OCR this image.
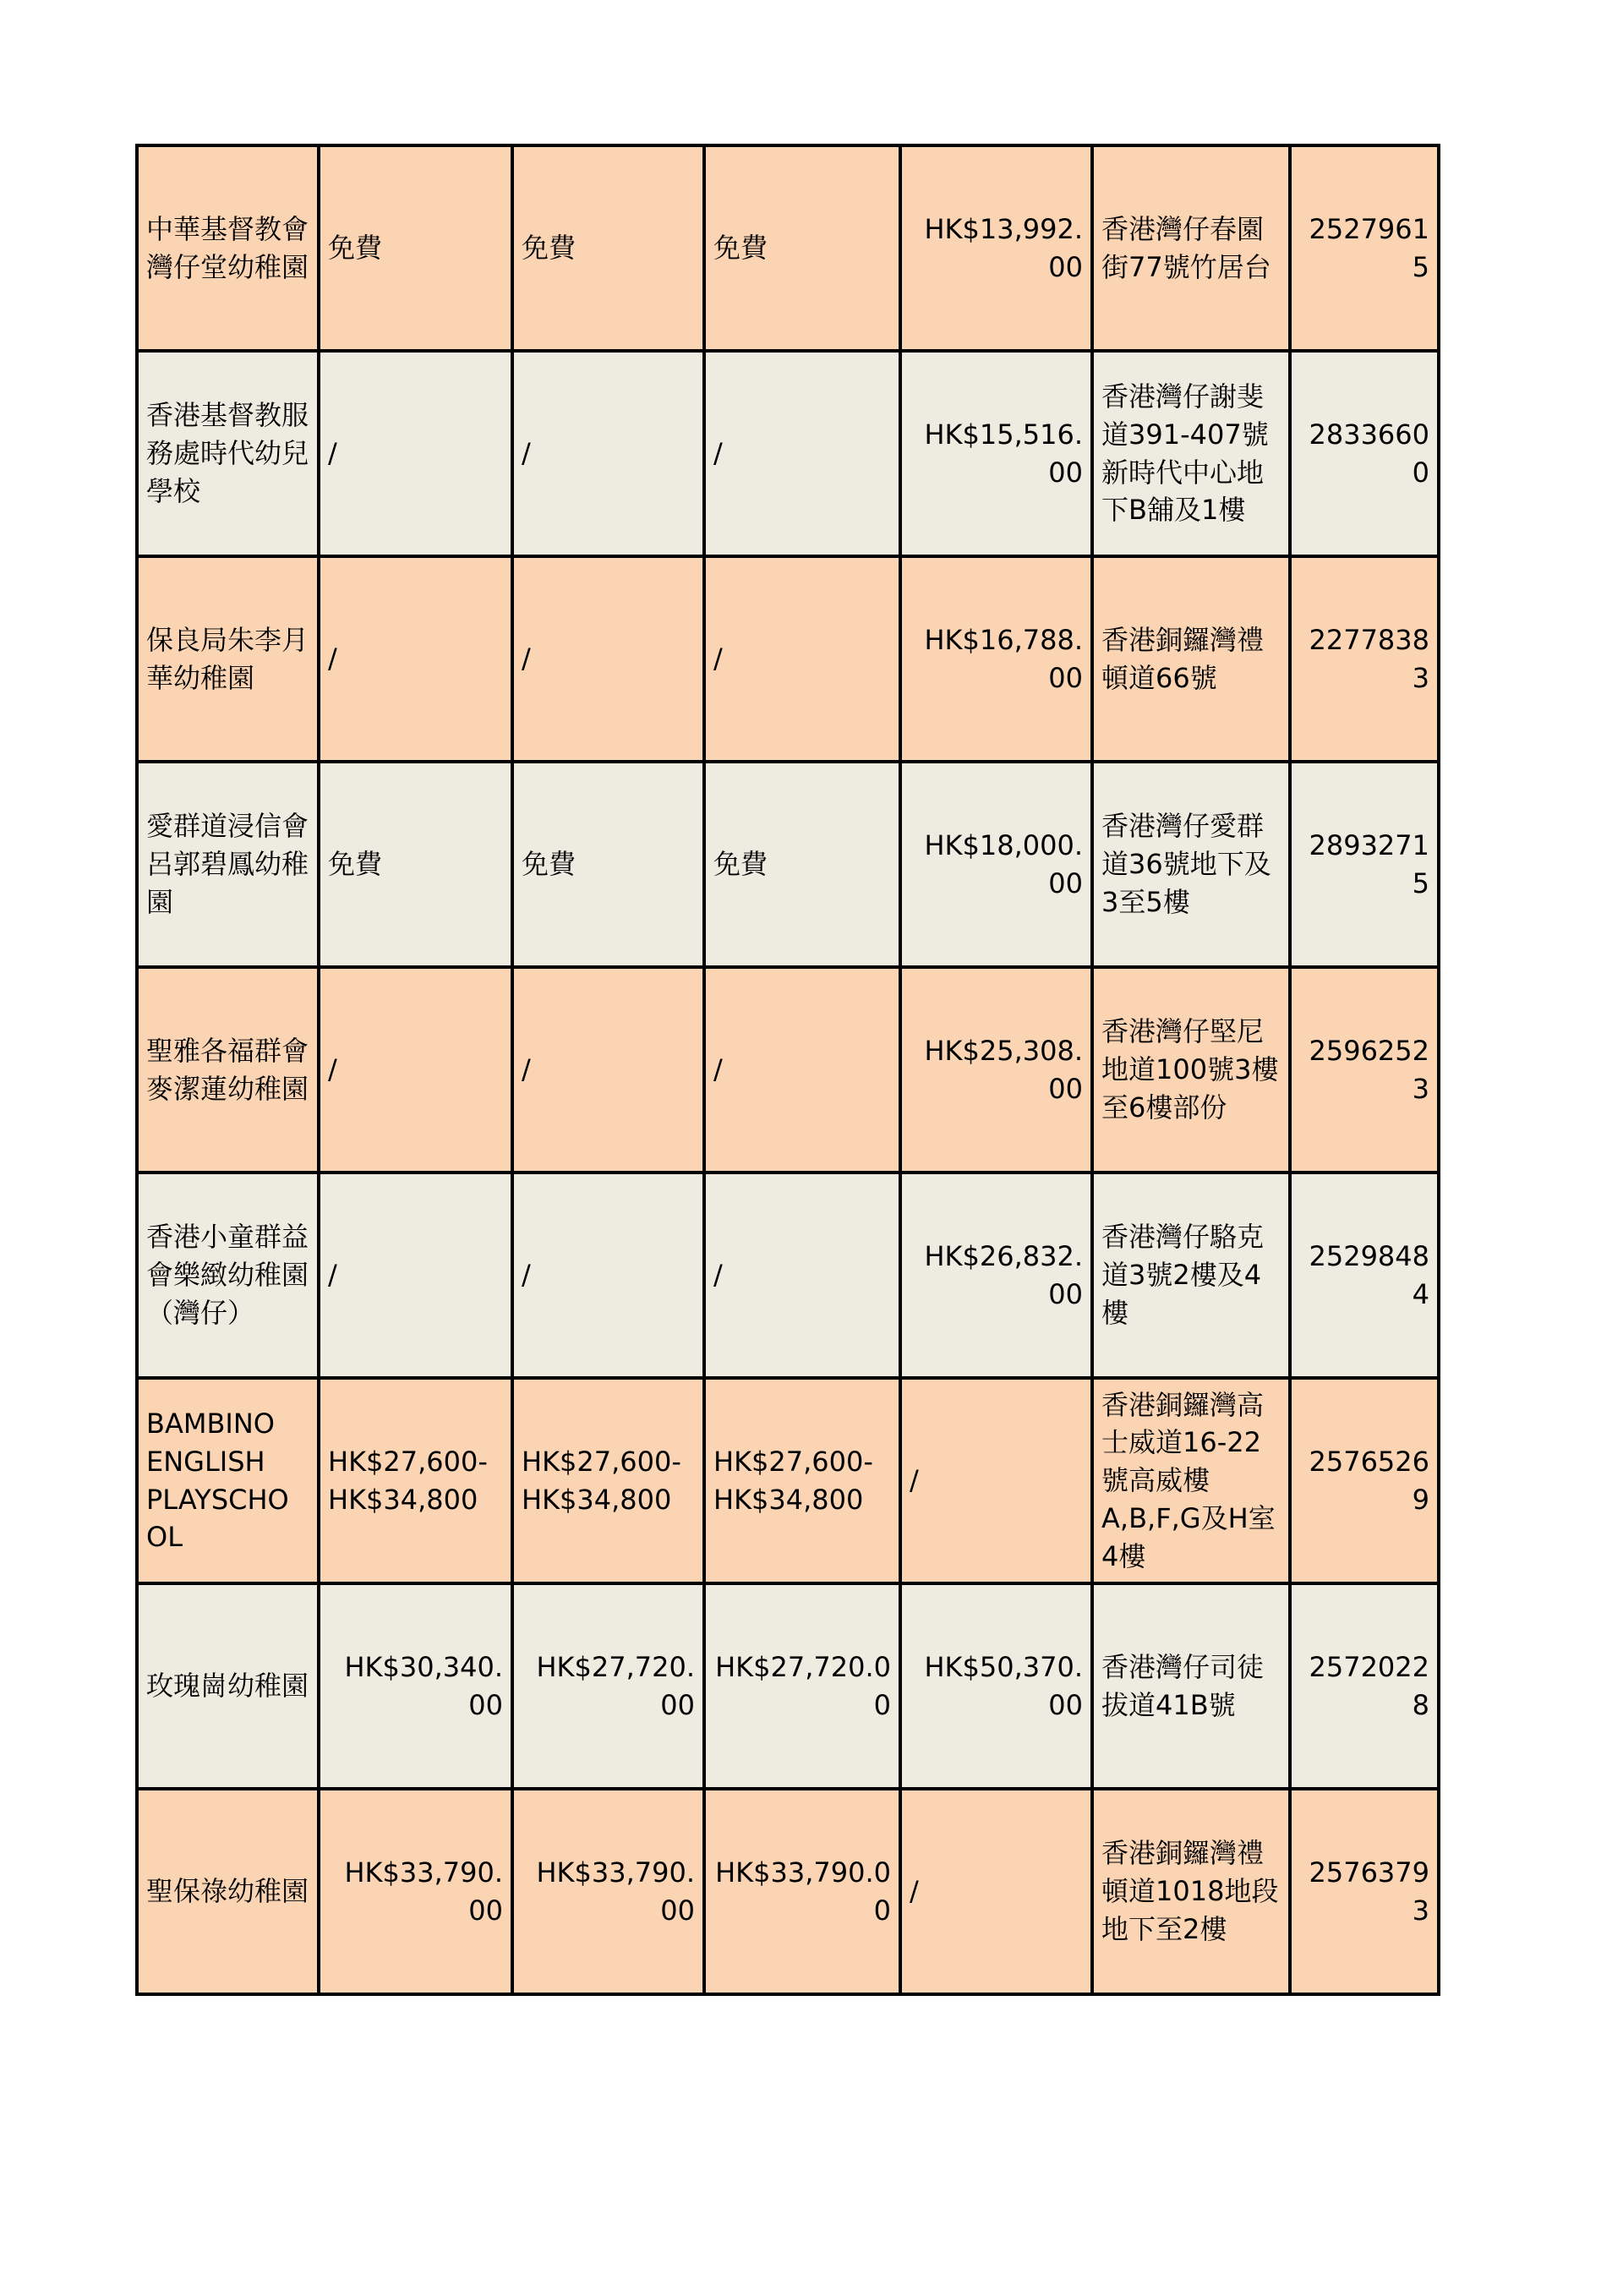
中華基督教會灣仔堂幼稚園	免費	免費	免費	HK$13,992.00	香港灣仔春園街77號竹居台	25279615
香港基督教服務處時代幼兒學校	/	/	/	HK$15,516.00	香港灣仔謝斐道391-407號新時代中心地下B舖及1樓	28336600
保良局朱李月華幼稚園	/	/	/	HK$16,788.00	香港銅鑼灣禮頓道66號	22778383
愛群道浸信會呂郭碧鳳幼稚園	免費	免費	免費	HK$18,000.00	香港灣仔愛群道36號地下及3至5樓	28932715
聖雅各福群會麥潔蓮幼稚園	/	/	/	HK$25,308.00	香港灣仔堅尼地道100號3樓至6樓部份	25962523
香港小童群益會樂緻幼稚園（灣仔）	/	/	/	HK$26,832.00	香港灣仔駱克道3號2樓及4樓	25298484
BAMBINO ENGLISH PLAYSCHOOL	HK$27,600-HK$34,800	HK$27,600-HK$34,800	HK$27,600-HK$34,800	/	香港銅鑼灣高士威道16-22號高威樓A,B,F,G及H室4樓	25765269
玫瑰崗幼稚園	HK$30,340.00	HK$27,720.00	HK$27,720.00	HK$50,370.00	香港灣仔司徒拔道41B號	25720228
聖保祿幼稚園	HK$33,790.00	HK$33,790.00	HK$33,790.00	/	香港銅鑼灣禮頓道1018地段地下至2樓	25763793
